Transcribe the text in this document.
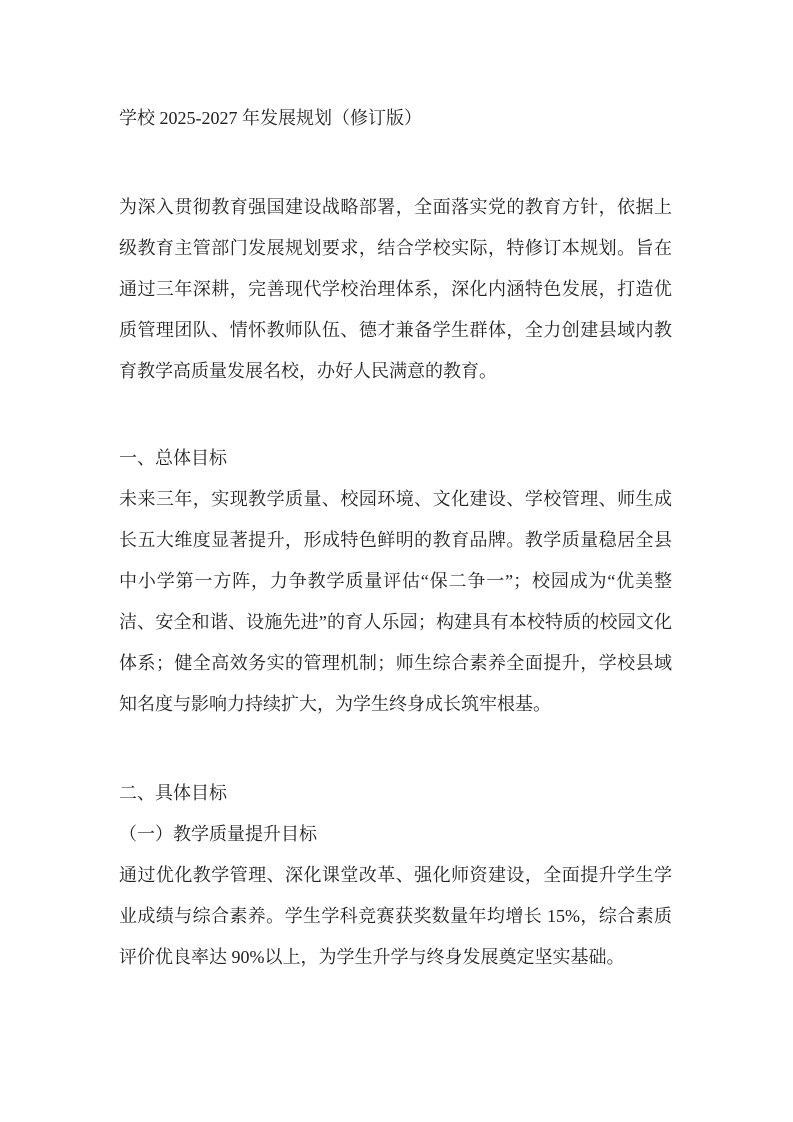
学校 2025-2027 年发展规划（修订版）

为深入贯彻教育强国建设战略部署，全面落实党的教育方针，依据上级教育主管部门发展规划要求，结合学校实际，特修订本规划。旨在通过三年深耕，完善现代学校治理体系，深化内涵特色发展，打造优质管理团队、情怀教师队伍、德才兼备学生群体，全力创建县域内教育教学高质量发展名校，办好人民满意的教育。

一、总体目标

未来三年，实现教学质量、校园环境、文化建设、学校管理、师生成长五大维度显著提升，形成特色鲜明的教育品牌。教学质量稳居全县中小学第一方阵，力争教学质量评估“保二争一”；校园成为“优美整洁、安全和谐、设施先进”的育人乐园；构建具有本校特质的校园文化体系；健全高效务实的管理机制；师生综合素养全面提升，学校县域知名度与影响力持续扩大，为学生终身成长筑牢根基。

二、具体目标
（一）教学质量提升目标

通过优化教学管理、深化课堂改革、强化师资建设，全面提升学生学业成绩与综合素养。学生学科竞赛获奖数量年均增长 15%，综合素质评价优良率达 90%以上，为学生升学与终身发展奠定坚实基础。
